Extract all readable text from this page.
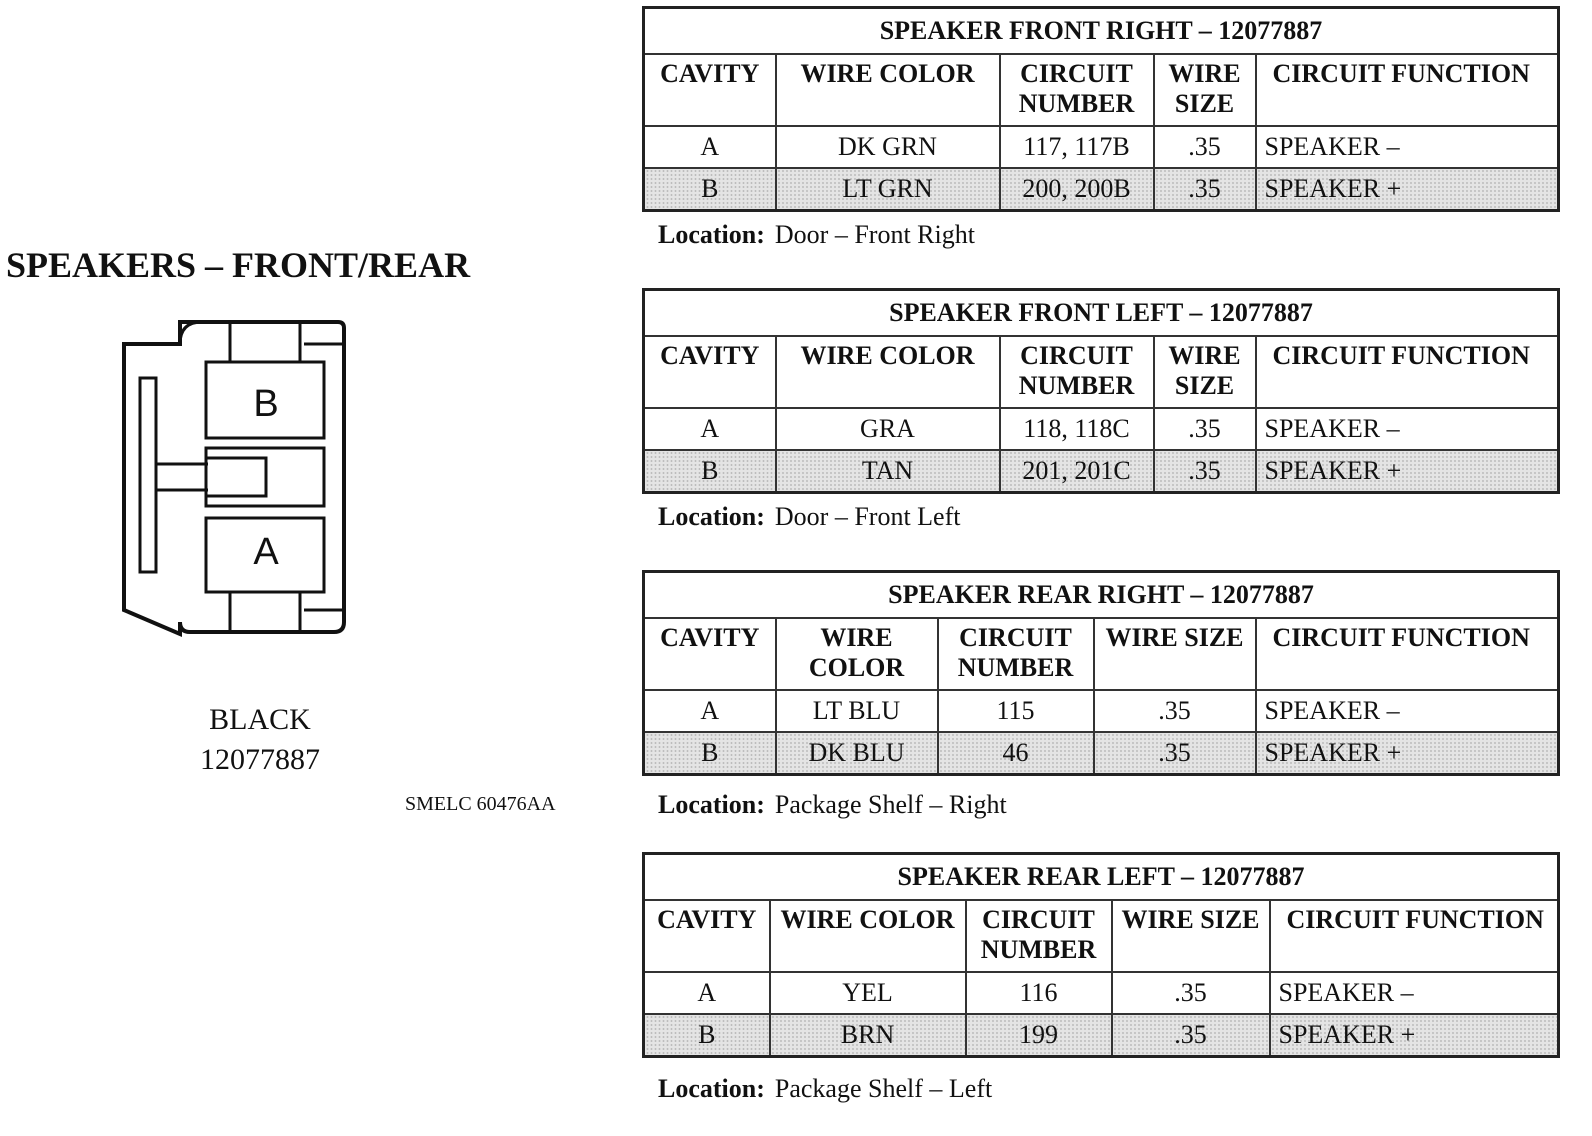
SPEAKERS – FRONT/REAR
B
A
BLACK
12077887
SMELC 60476AA
SPEAKER FRONT RIGHT – 12077887				
CAVITY	WIRE COLOR	CIRCUIT NUMBER	WIRE SIZE	CIRCUIT FUNCTION
A	DK GRN	117, 117B	.35	SPEAKER –
B	LT GRN	200, 200B	.35	SPEAKER +
Location: Door – Front Right
SPEAKER FRONT LEFT – 12077887				
CAVITY	WIRE COLOR	CIRCUIT NUMBER	WIRE SIZE	CIRCUIT FUNCTION
A	GRA	118, 118C	.35	SPEAKER –
B	TAN	201, 201C	.35	SPEAKER +
Location: Door – Front Left
SPEAKER REAR RIGHT – 12077887				
CAVITY	WIRE COLOR	CIRCUIT NUMBER	WIRE SIZE	CIRCUIT FUNCTION
A	LT BLU	115	.35	SPEAKER –
B	DK BLU	46	.35	SPEAKER +
Location: Package Shelf – Right
SPEAKER REAR LEFT – 12077887				
CAVITY	WIRE COLOR	CIRCUIT NUMBER	WIRE SIZE	CIRCUIT FUNCTION
A	YEL	116	.35	SPEAKER –
B	BRN	199	.35	SPEAKER +
Location: Package Shelf – Left
